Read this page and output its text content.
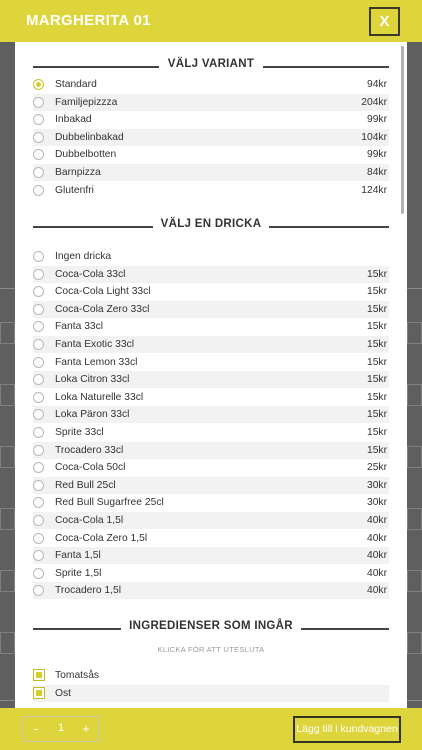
MARGHERITA 01	X
VÄLJ VARIANT
Standard	94kr
Familjepizzza	204kr
Inbakad	99kr
Dubbelinbakad	104kr
Dubbelbotten	99kr
Barnpizza	84kr
Glutenfri	124kr
VÄLJ EN DRICKA
Ingen dricka
Coca-Cola 33cl	15kr
Coca-Cola Light 33cl	15kr
Coca-Cola Zero 33cl	15kr
Fanta 33cl	15kr
Fanta Exotic 33cl	15kr
Fanta Lemon 33cl	15kr
Loka Citron 33cl	15kr
Loka Naturelle 33cl	15kr
Loka Päron 33cl	15kr
Sprite 33cl	15kr
Trocadero 33cl	15kr
Coca-Cola 50cl	25kr
Red Bull 25cl	30kr
Red Bull Sugarfree 25cl	30kr
Coca-Cola 1,5l	40kr
Coca-Cola Zero 1,5l	40kr
Fanta 1,5l	40kr
Sprite 1,5l	40kr
Trocadero 1,5l	40kr
INGREDIENSER SOM INGÅR
KLICKA FÖR ATT UTESLUTA
Tomatsås
Ost
-	1	+	Lägg till i kundvagnen
